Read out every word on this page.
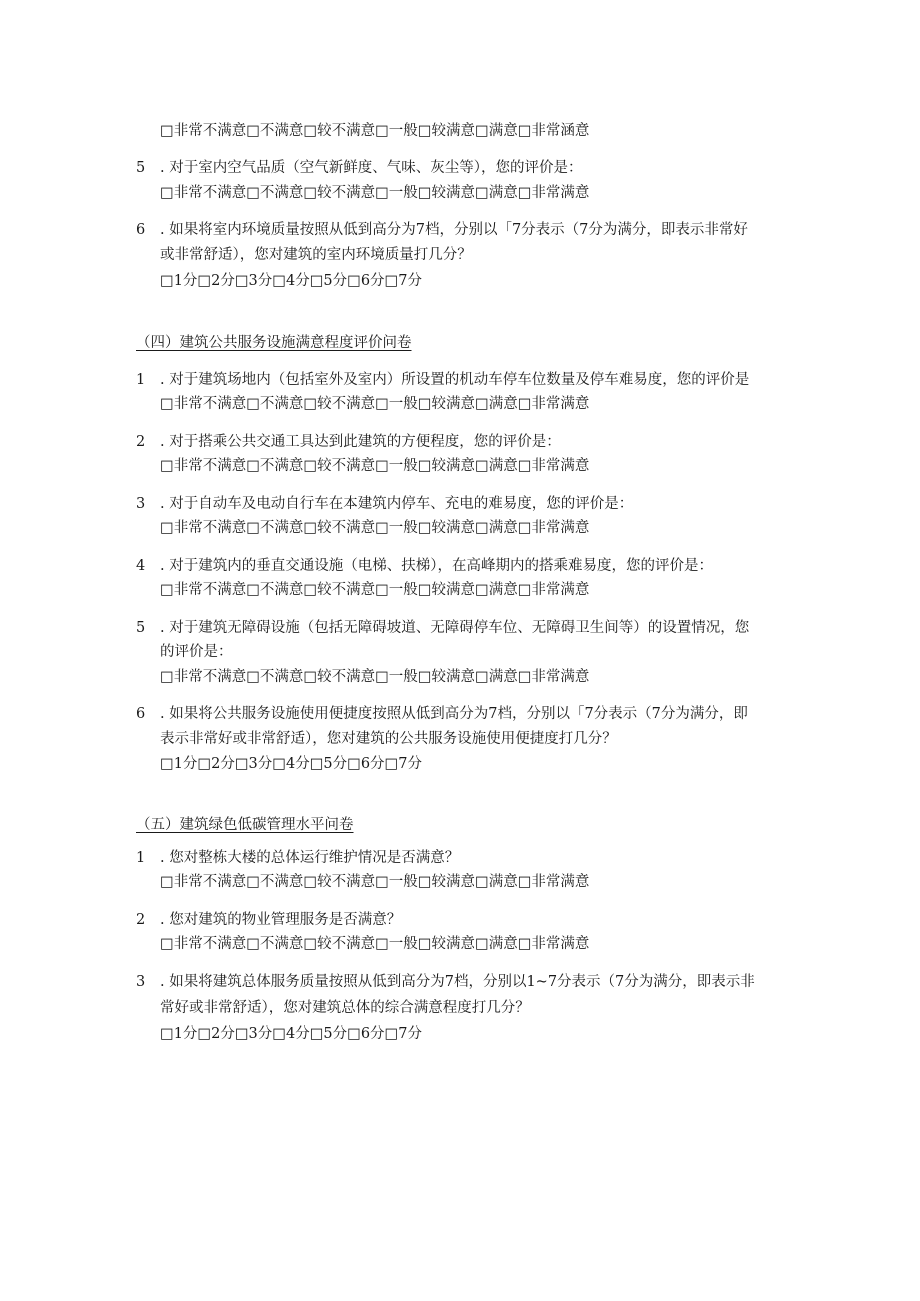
□非常不满意□不满意□较不满意□一般□较满意□满意□非常涵意
5 . 对于室内空气品质（空气新鲜度、气味、灰尘等），您的评价是：
□非常不满意□不满意□较不满意□一般□较满意□满意□非常满意
6 . 如果将室内环境质量按照从低到高分为7档，分别以「7分表示（7分为满分，即表示非常好
或非常舒适），您对建筑的室内环境质量打几分？
□1分□2分□3分□4分□5分□6分□7分
（四）建筑公共服务设施满意程度评价问卷
1 . 对于建筑场地内（包括室外及室内）所设置的机动车停车位数量及停车难易度，您的评价是
□非常不满意□不满意□较不满意□一般□较满意□满意□非常满意
2 . 对于搭乘公共交通工具达到此建筑的方便程度，您的评价是：
□非常不满意□不满意□较不满意□一般□较满意□满意□非常满意
3 . 对于自动车及电动自行车在本建筑内停车、充电的难易度，您的评价是：
□非常不满意□不满意□较不满意□一般□较满意□满意□非常满意
4 . 对于建筑内的垂直交通设施（电梯、扶梯），在高峰期内的搭乘难易度，您的评价是：
□非常不满意□不满意□较不满意□一般□较满意□满意□非常满意
5 . 对于建筑无障碍设施（包括无障碍坡道、无障碍停车位、无障碍卫生间等）的设置情况，您
的评价是：
□非常不满意□不满意□较不满意□一般□较满意□满意□非常满意
6 . 如果将公共服务设施使用便捷度按照从低到高分为7档，分别以「7分表示（7分为满分，即
表示非常好或非常舒适），您对建筑的公共服务设施使用便捷度打几分？
□1分□2分□3分□4分□5分□6分□7分
（五）建筑绿色低碳管理水平问卷
1 . 您对整栋大楼的总体运行维护情况是否满意？
□非常不满意□不满意□较不满意□一般□较满意□满意□非常满意
2 . 您对建筑的物业管理服务是否满意？
□非常不满意□不满意□较不满意□一般□较满意□满意□非常满意
3 . 如果将建筑总体服务质量按照从低到高分为7档，分别以1~7分表示（7分为满分，即表示非
常好或非常舒适），您对建筑总体的综合满意程度打几分？
□1分□2分□3分□4分□5分□6分□7分
